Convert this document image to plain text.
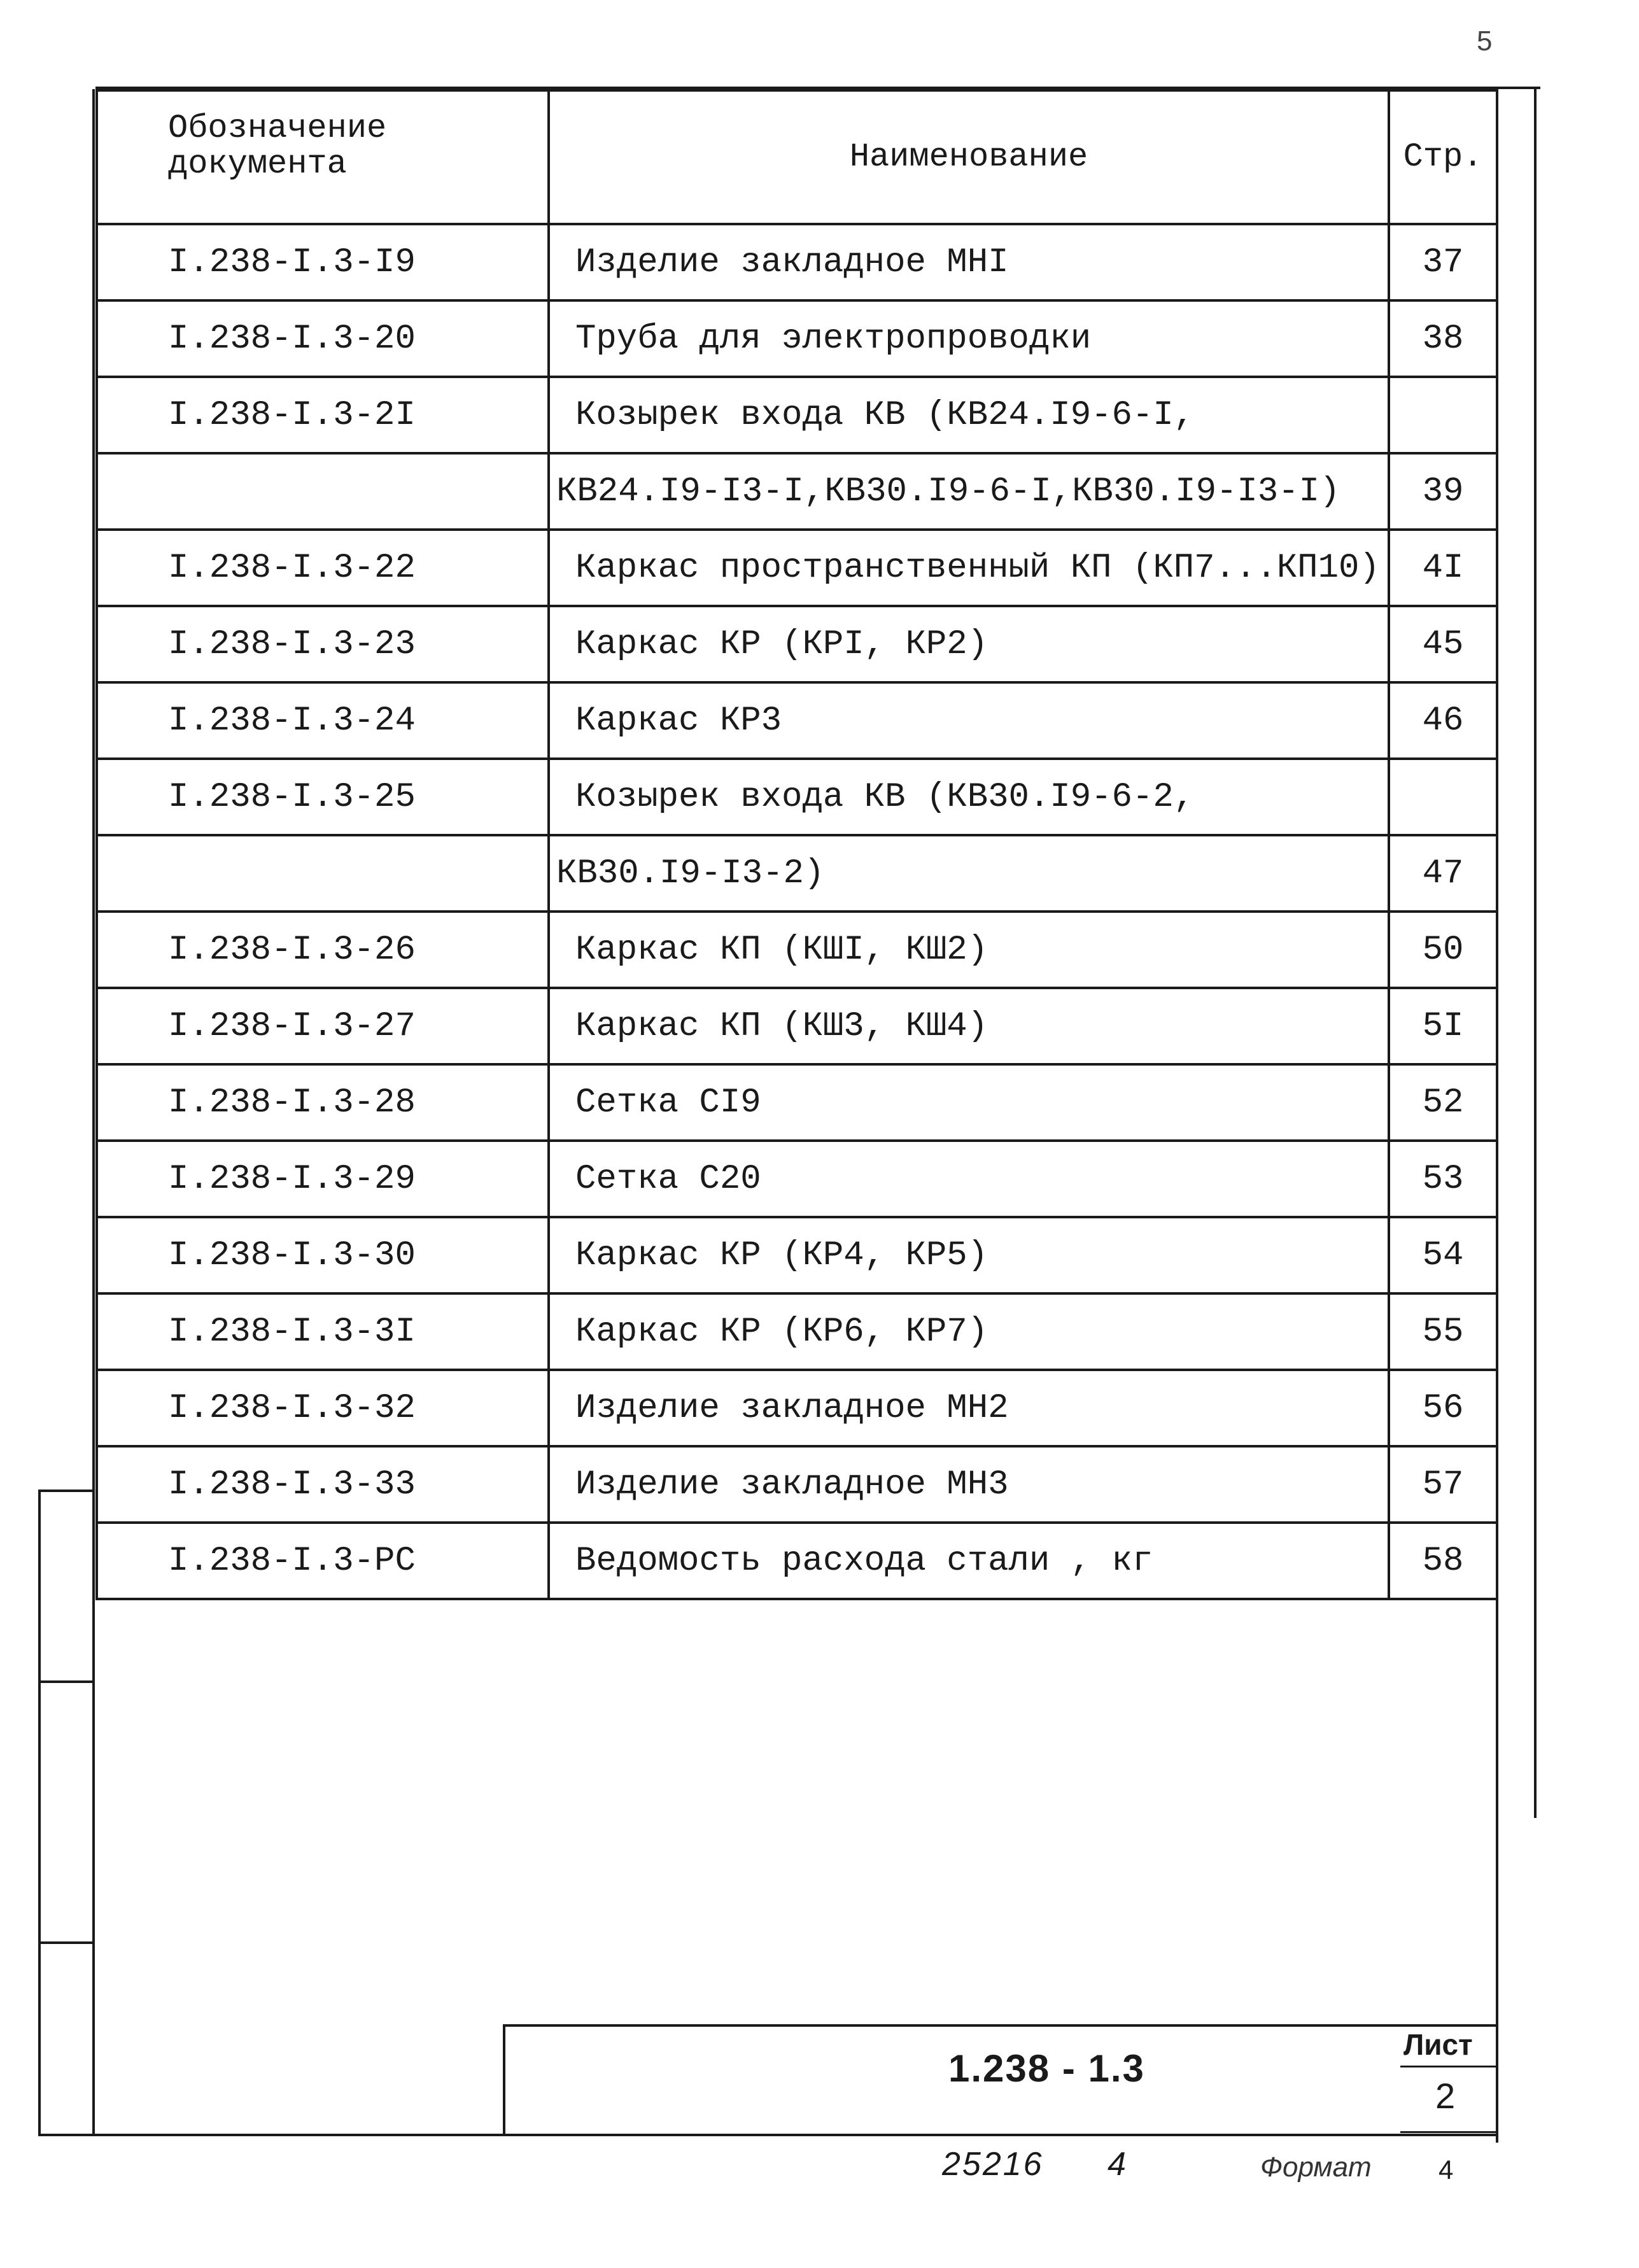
5
Обозначение документа	Наименование	Стр.
I.238-I.3-I9	Изделие закладное МНI	37
I.238-I.3-20	Труба для электропроводки	38
I.238-I.3-2I	Козырек входа КВ (КВ24.I9-6-I,	
	КВ24.I9-I3-I,КВ30.I9-6-I,КВ30.I9-I3-I)	39
I.238-I.3-22	Каркас пространственный КП (КП7...КП10)	4I
I.238-I.3-23	Каркас КР (КРI, КР2)	45
I.238-I.3-24	Каркас КР3	46
I.238-I.3-25	Козырек входа КВ (КВ30.I9-6-2,	
	КВ30.I9-I3-2)	47
I.238-I.3-26	Каркас КП (КШI, КШ2)	50
I.238-I.3-27	Каркас КП (КШ3, КШ4)	5I
I.238-I.3-28	Сетка СI9	52
I.238-I.3-29	Сетка С20	53
I.238-I.3-30	Каркас КР (КР4, КР5)	54
I.238-I.3-3I	Каркас КР (КР6, КР7)	55
I.238-I.3-32	Изделие закладное МН2	56
I.238-I.3-33	Изделие закладное МН3	57
I.238-I.3-РС	Ведомость расхода стали , кг	58
1.238 - 1.3
Лист
2
25216 4	Формат	4
